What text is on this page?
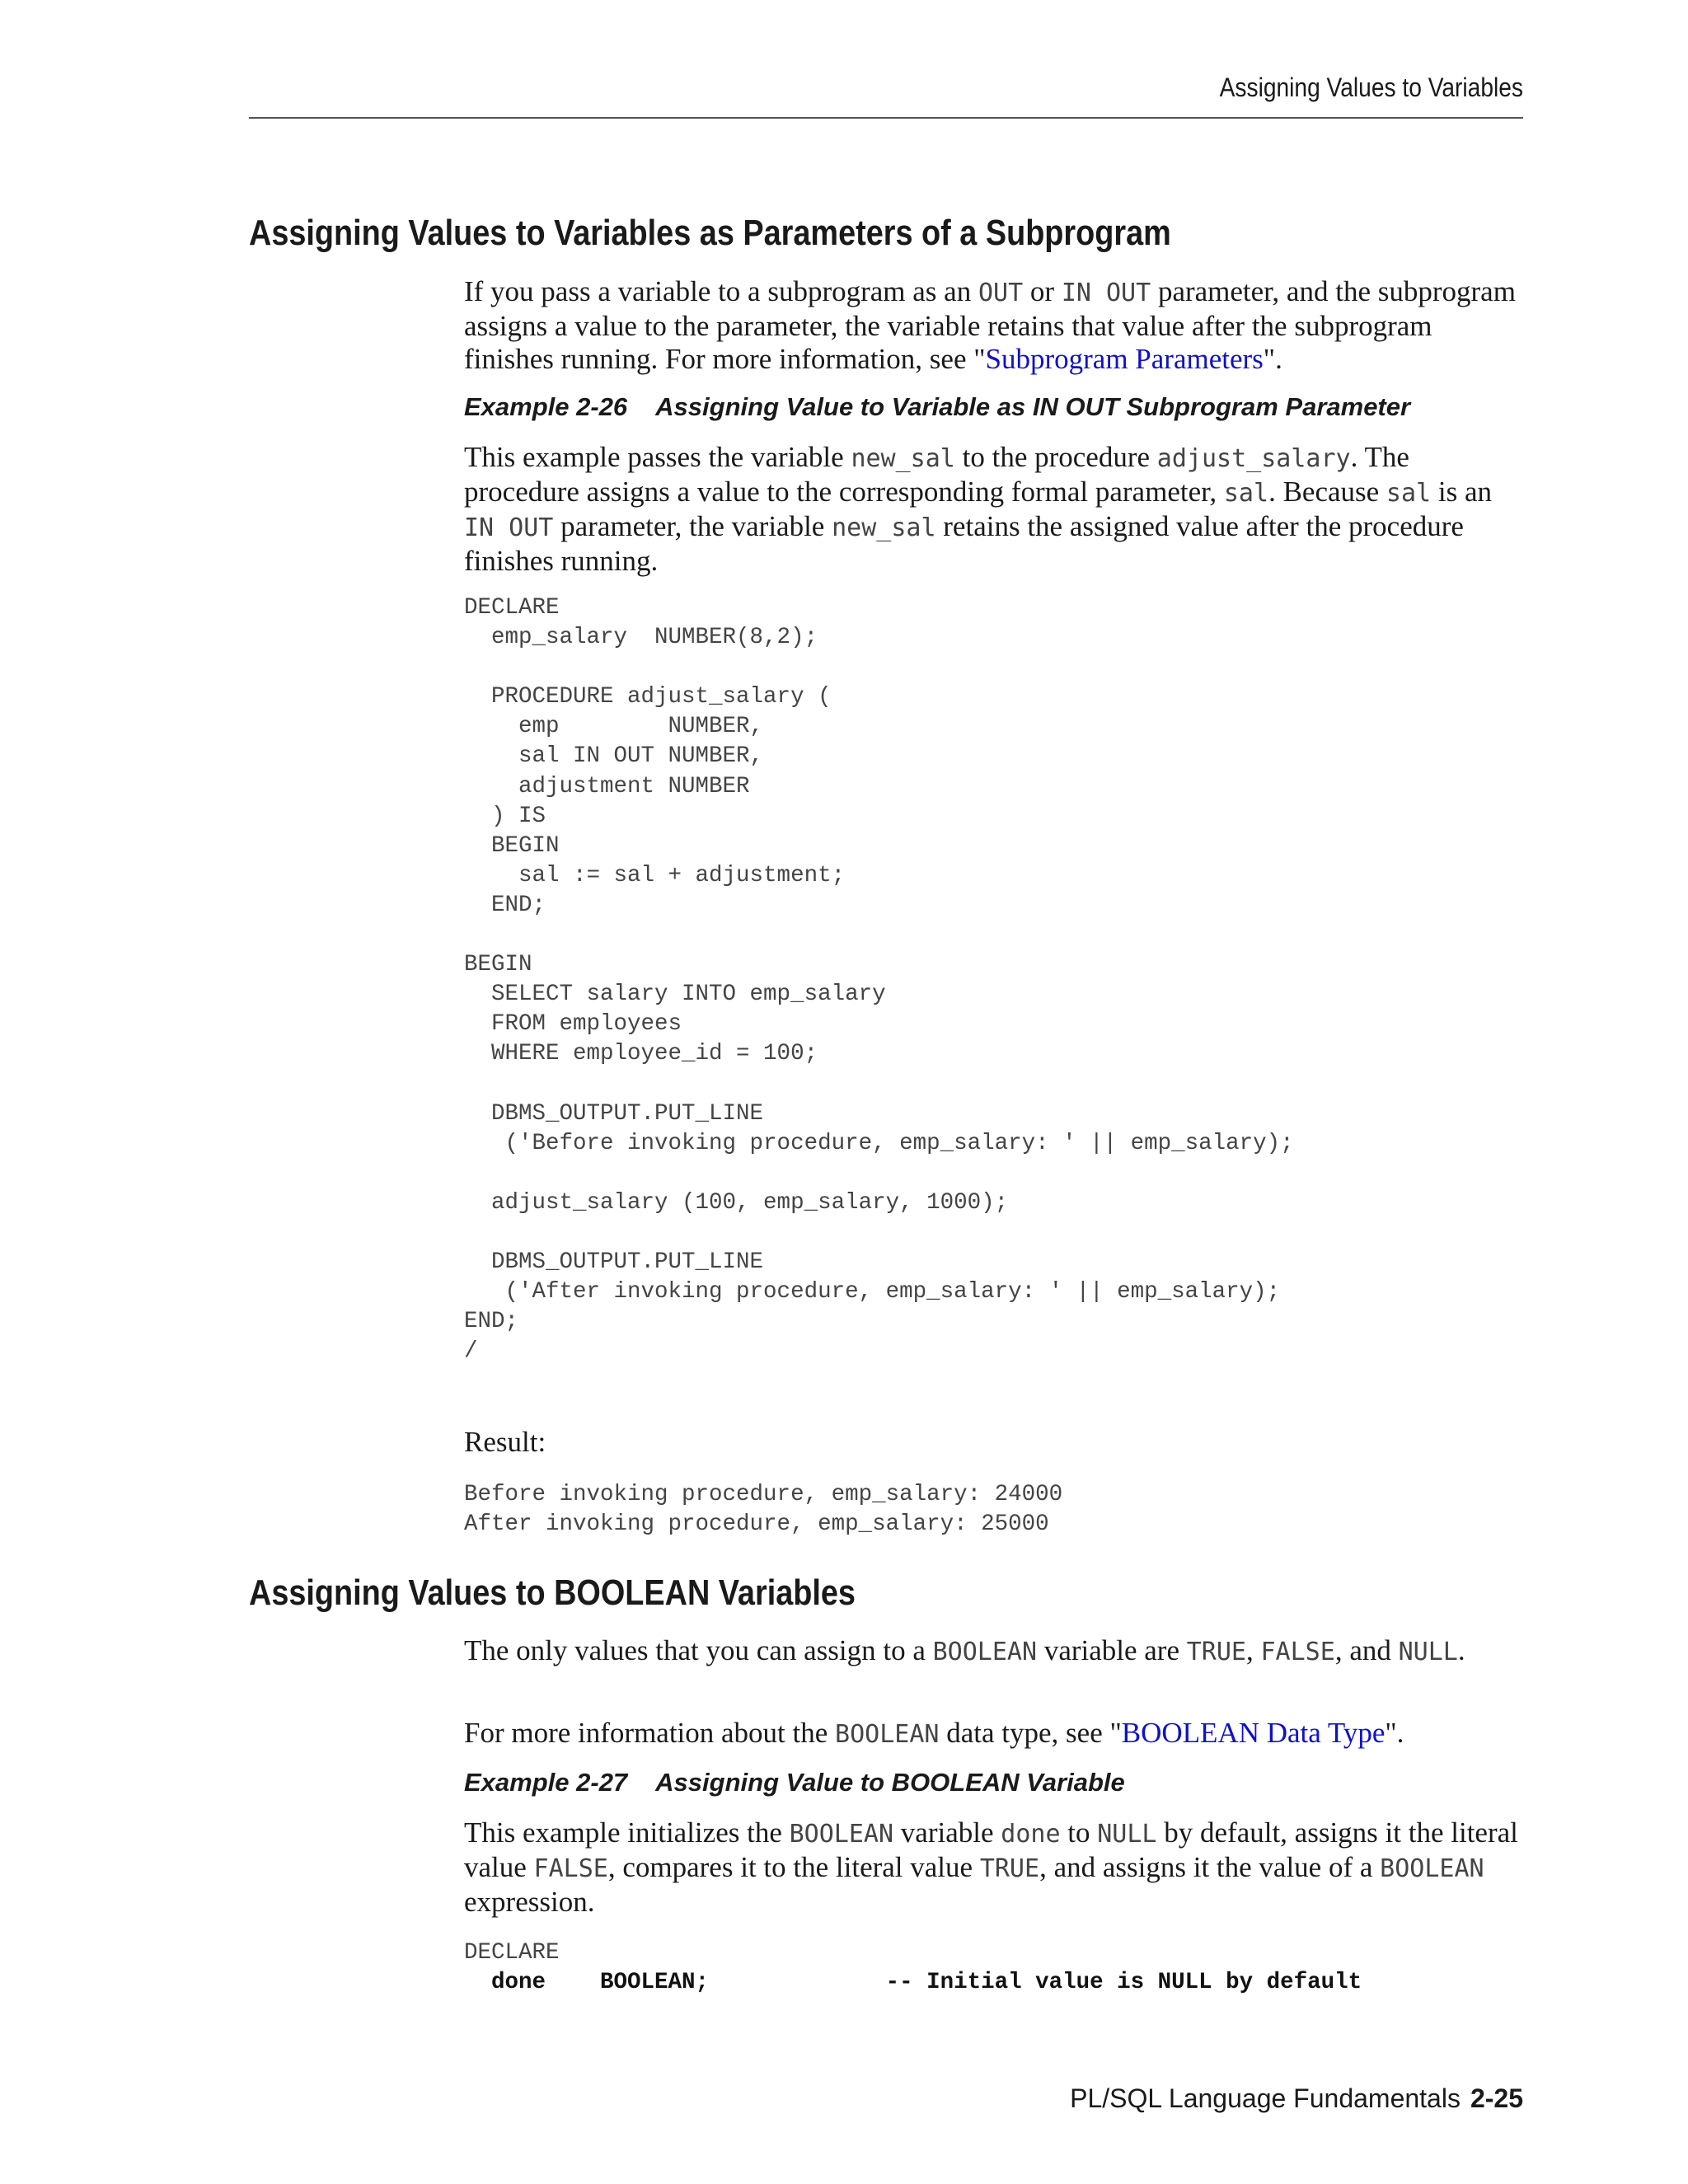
Assigning Values to Variables
Assigning Values to Variables as Parameters of a Subprogram

If you pass a variable to a subprogram as an OUT or IN OUT parameter, and the subprogram assigns a value to the parameter, the variable retains that value after the subprogram finishes running. For more information, see "Subprogram Parameters".

Example 2-26 Assigning Value to Variable as IN OUT Subprogram Parameter

This example passes the variable new_sal to the procedure adjust_salary. The procedure assigns a value to the corresponding formal parameter, sal. Because sal is an IN OUT parameter, the variable new_sal retains the assigned value after the procedure finishes running.

DECLARE
emp_salary  NUMBER(8,2);

PROCEDURE adjust_salary (
emp        NUMBER,
sal IN OUT NUMBER,
adjustment NUMBER
) IS
BEGIN
sal := sal + adjustment;
END;

BEGIN
SELECT salary INTO emp_salary
FROM employees
WHERE employee_id = 100;

DBMS_OUTPUT.PUT_LINE
('Before invoking procedure, emp_salary: ' || emp_salary);

adjust_salary (100, emp_salary, 1000);

DBMS_OUTPUT.PUT_LINE
('After invoking procedure, emp_salary: ' || emp_salary);
END;
/

Result:

Before invoking procedure, emp_salary: 24000
After invoking procedure, emp_salary: 25000
Assigning Values to BOOLEAN Variables

The only values that you can assign to a BOOLEAN variable are TRUE, FALSE, and NULL.

For more information about the BOOLEAN data type, see "BOOLEAN Data Type".

Example 2-27 Assigning Value to BOOLEAN Variable

This example initializes the BOOLEAN variable done to NULL by default, assigns it the literal value FALSE, compares it to the literal value TRUE, and assigns it the value of a BOOLEAN expression.

DECLARE
done    BOOLEAN;             -- Initial value is NULL by default
PL/SQL Language Fundamentals 2-25
